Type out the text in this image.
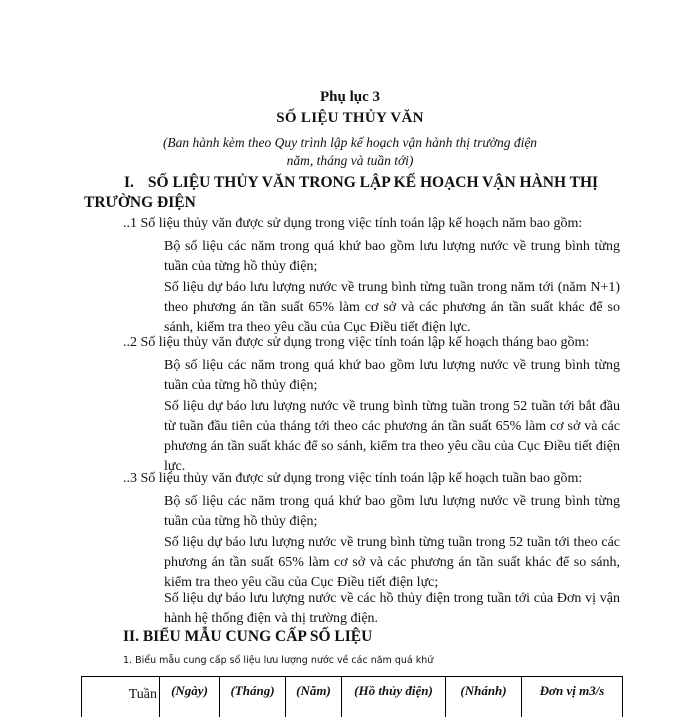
Phụ lục 3
SỐ LIỆU THỦY VĂN
(Ban hành kèm theo Quy trình lập kế hoạch vận hành thị trường điện
năm, tháng và tuần tới)
I. SỐ LIỆU THỦY VĂN TRONG LẬP KẾ HOẠCH VẬN HÀNH THỊ TRƯỜNG ĐIỆN
..1 Số liệu thủy văn được sử dụng trong việc tính toán lập kế hoạch năm bao gồm:
Bộ số liệu các năm trong quá khứ bao gồm lưu lượng nước về trung bình từng tuần của từng hồ thủy điện;
Số liệu dự báo lưu lượng nước về trung bình từng tuần trong năm tới (năm N+1) theo phương án tần suất 65% làm cơ sở và các phương án tần suất khác để so sánh, kiểm tra theo yêu cầu của Cục Điều tiết điện lực.
..2 Số liệu thủy văn được sử dụng trong việc tính toán lập kế hoạch tháng bao gồm:
Bộ số liệu các năm trong quá khứ bao gồm lưu lượng nước về trung bình từng tuần của từng hồ thủy điện;
Số liệu dự báo lưu lượng nước về trung bình từng tuần trong 52 tuần tới bắt đầu từ tuần đầu tiên của tháng tới theo các phương án tần suất 65% làm cơ sở và các phương án tần suất khác để so sánh, kiểm tra theo yêu cầu của Cục Điều tiết điện lực.
..3 Số liệu thủy văn được sử dụng trong việc tính toán lập kế hoạch tuần bao gồm:
Bộ số liệu các năm trong quá khứ bao gồm lưu lượng nước về trung bình từng tuần của từng hồ thủy điện;
Số liệu dự báo lưu lượng nước về trung bình từng tuần trong 52 tuần tới theo các phương án tần suất 65% làm cơ sở và các phương án tần suất khác để so sánh, kiểm tra theo yêu cầu của Cục Điều tiết điện lực;
Số liệu dự báo lưu lượng nước về các hồ thủy điện trong tuần tới của Đơn vị vận hành hệ thống điện và thị trường điện.
II. BIỂU MẪU CUNG CẤP SỐ LIỆU
1. Biểu mẫu cung cấp số liệu lưu lượng nước về các năm quá khứ
Tuần	(Ngày)	(Tháng)	(Năm)	(Hồ thủy điện)	(Nhánh)	Đơn vị m3/s
